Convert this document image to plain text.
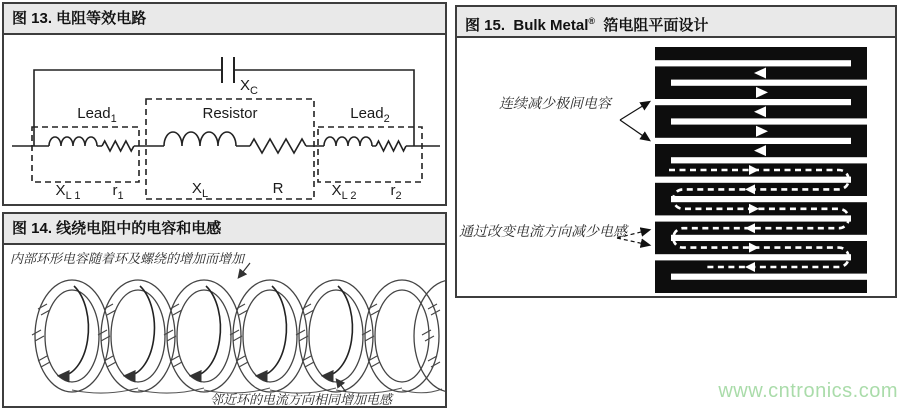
图 13. 电阻等效电路
Lead$_1$	Resistor	Lead$_2$
$X_C$
$X_{L 1}$ $r_1$	$X_L$	R	$X_{L 2}$ $r_2$
图 14. 线绕电阻中的电容和电感
内部环形电容随着环及螺绕的增加而增加
邻近环的电流方向相同增加电感
图 15. Bulk Metal® 箔电阻平面设计
连续减少极间电容
通过改变电流方向减少电感
www.cntronics.com
